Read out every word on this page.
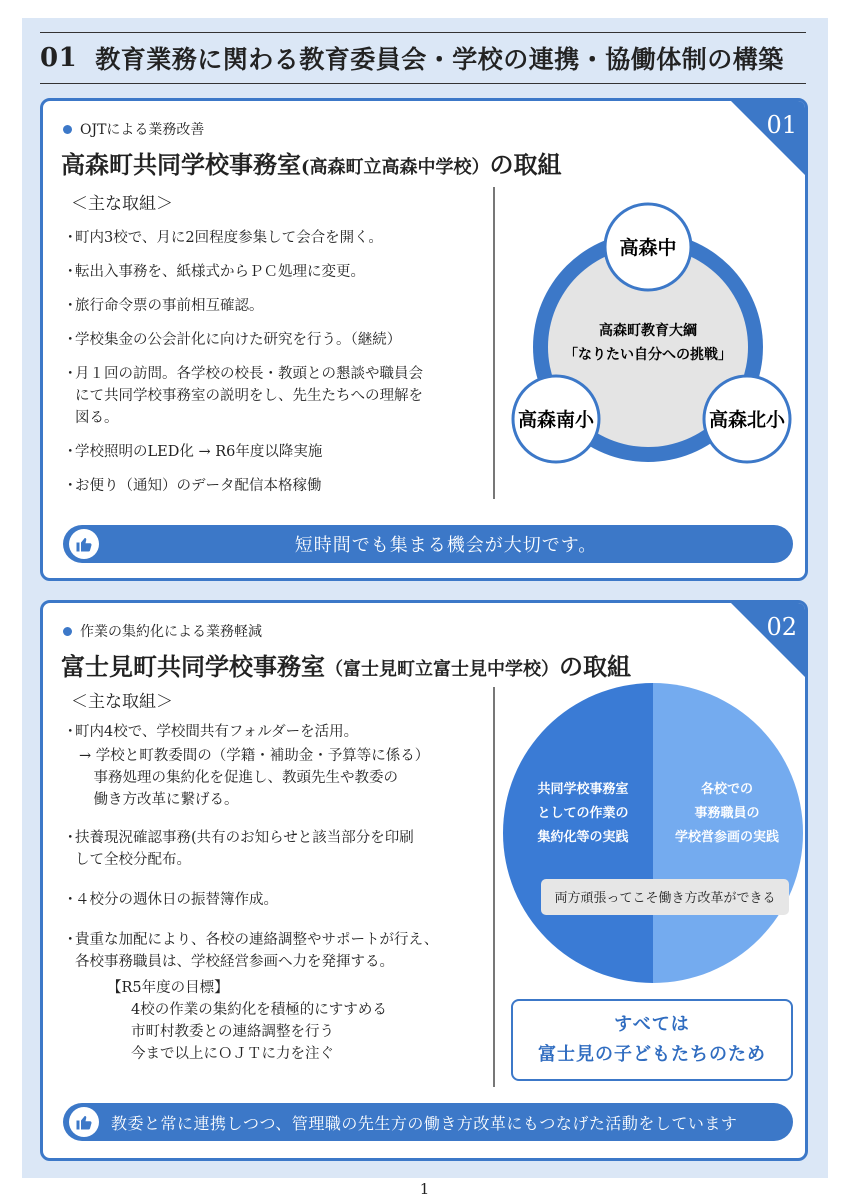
01 教育業務に関わる教育委員会・学校の連携・協働体制の構築
01
OJTによる業務改善
高森町共同学校事務室(高森町立高森中学校）の取組
＜主な取組＞
・
町内3校で、月に2回程度参集して会合を開く。
・
転出入事務を、紙様式からＰＣ処理に変更。
・
旅行命令票の事前相互確認。
・
学校集金の公会計化に向けた研究を行う。（継続）
・
月１回の訪問。各学校の校長・教頭との懇談や職員会
にて共同学校事務室の説明をし、先生たちへの理解を
図る。
・
学校照明のLED化 → R6年度以降実施
・
お便り（通知）のデータ配信本格稼働
高森町教育大綱
「なりたい自分への挑戦」
高森中
高森南小	高森北小
短時間でも集まる機会が大切です。
02
作業の集約化による業務軽減
富士見町共同学校事務室（富士見町立富士見中学校）の取組
＜主な取組＞
・
町内4校で、学校間共有フォルダーを活用。
→ 学校と町教委間の（学籍・補助金・予算等に係る）
　事務処理の集約化を促進し、教頭先生や教委の
　働き方改革に繋げる。
・
扶養現況確認事務(共有のお知らせと該当部分を印刷
して全校分配布。
・
４校分の週休日の振替簿作成。
・
貴重な加配により、各校の連絡調整やサポートが行え、
各校事務職員は、学校経営参画へ力を発揮する。
【R5年度の目標】
4校の作業の集約化を積極的にすすめる
市町村教委との連絡調整を行う
今まで以上にＯＪＴに力を注ぐ
共同学校事務室
としての作業の
集約化等の実践
各校での
事務職員の
学校営参画の実践
両方頑張ってこそ働き方改革ができる
すべては
富士見の子どもたちのため
教委と常に連携しつつ、管理職の先生方の働き方改革にもつなげた活動をしています
1
